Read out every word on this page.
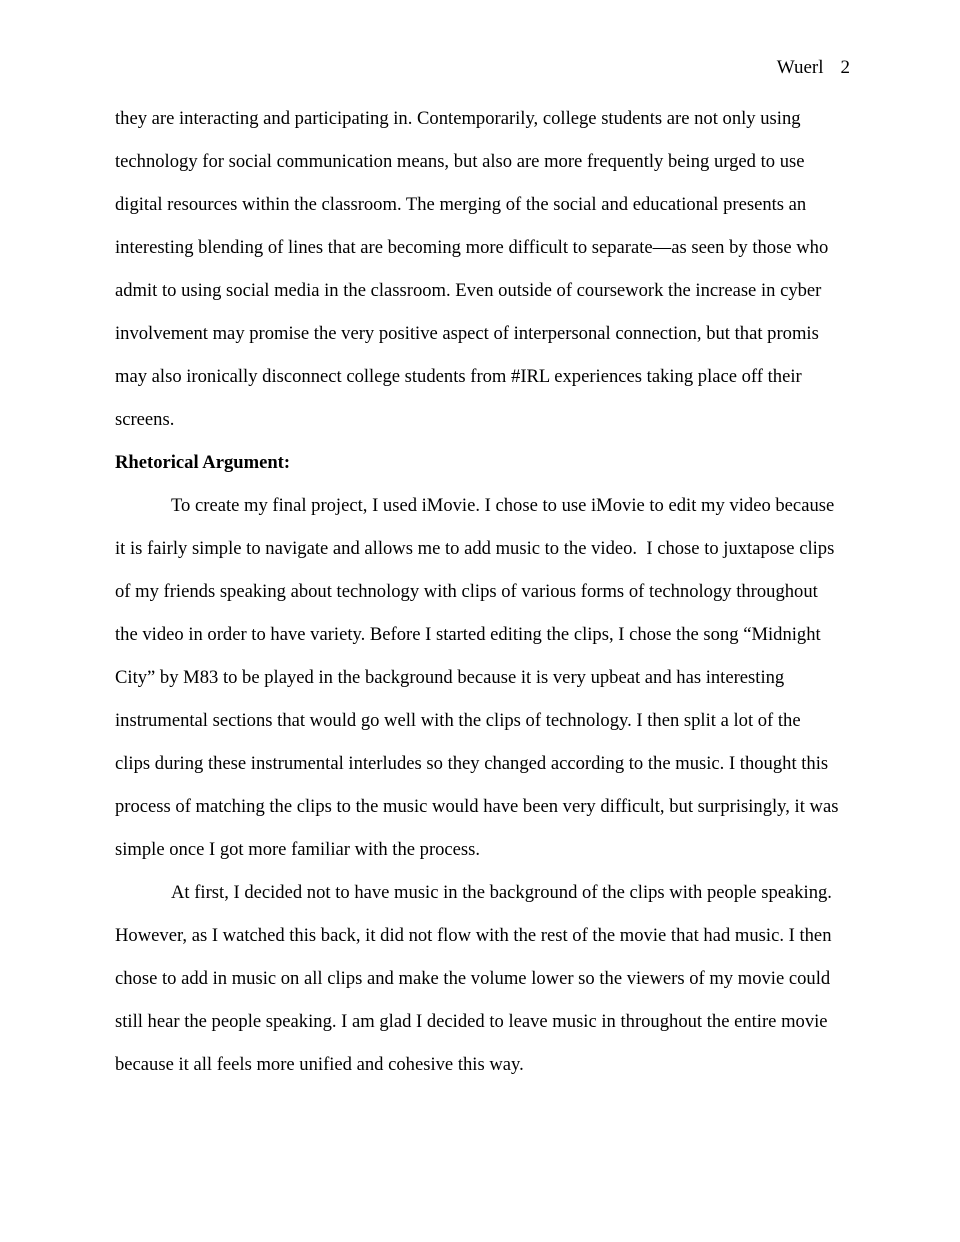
Wuerl 2
they are interacting and participating in. Contemporarily, college students are not only using
technology for social communication means, but also are more frequently being urged to use
digital resources within the classroom. The merging of the social and educational presents an
interesting blending of lines that are becoming more difficult to separate—as seen by those who
admit to using social media in the classroom. Even outside of coursework the increase in cyber
involvement may promise the very positive aspect of interpersonal connection, but that promis
may also ironically disconnect college students from #IRL experiences taking place off their
screens.
Rhetorical Argument:
To create my final project, I used iMovie. I chose to use iMovie to edit my video because
it is fairly simple to navigate and allows me to add music to the video.  I chose to juxtapose clips
of my friends speaking about technology with clips of various forms of technology throughout
the video in order to have variety. Before I started editing the clips, I chose the song “Midnight
City” by M83 to be played in the background because it is very upbeat and has interesting
instrumental sections that would go well with the clips of technology. I then split a lot of the
clips during these instrumental interludes so they changed according to the music. I thought this
process of matching the clips to the music would have been very difficult, but surprisingly, it was
simple once I got more familiar with the process.
At first, I decided not to have music in the background of the clips with people speaking.
However, as I watched this back, it did not flow with the rest of the movie that had music. I then
chose to add in music on all clips and make the volume lower so the viewers of my movie could
still hear the people speaking. I am glad I decided to leave music in throughout the entire movie
because it all feels more unified and cohesive this way.
